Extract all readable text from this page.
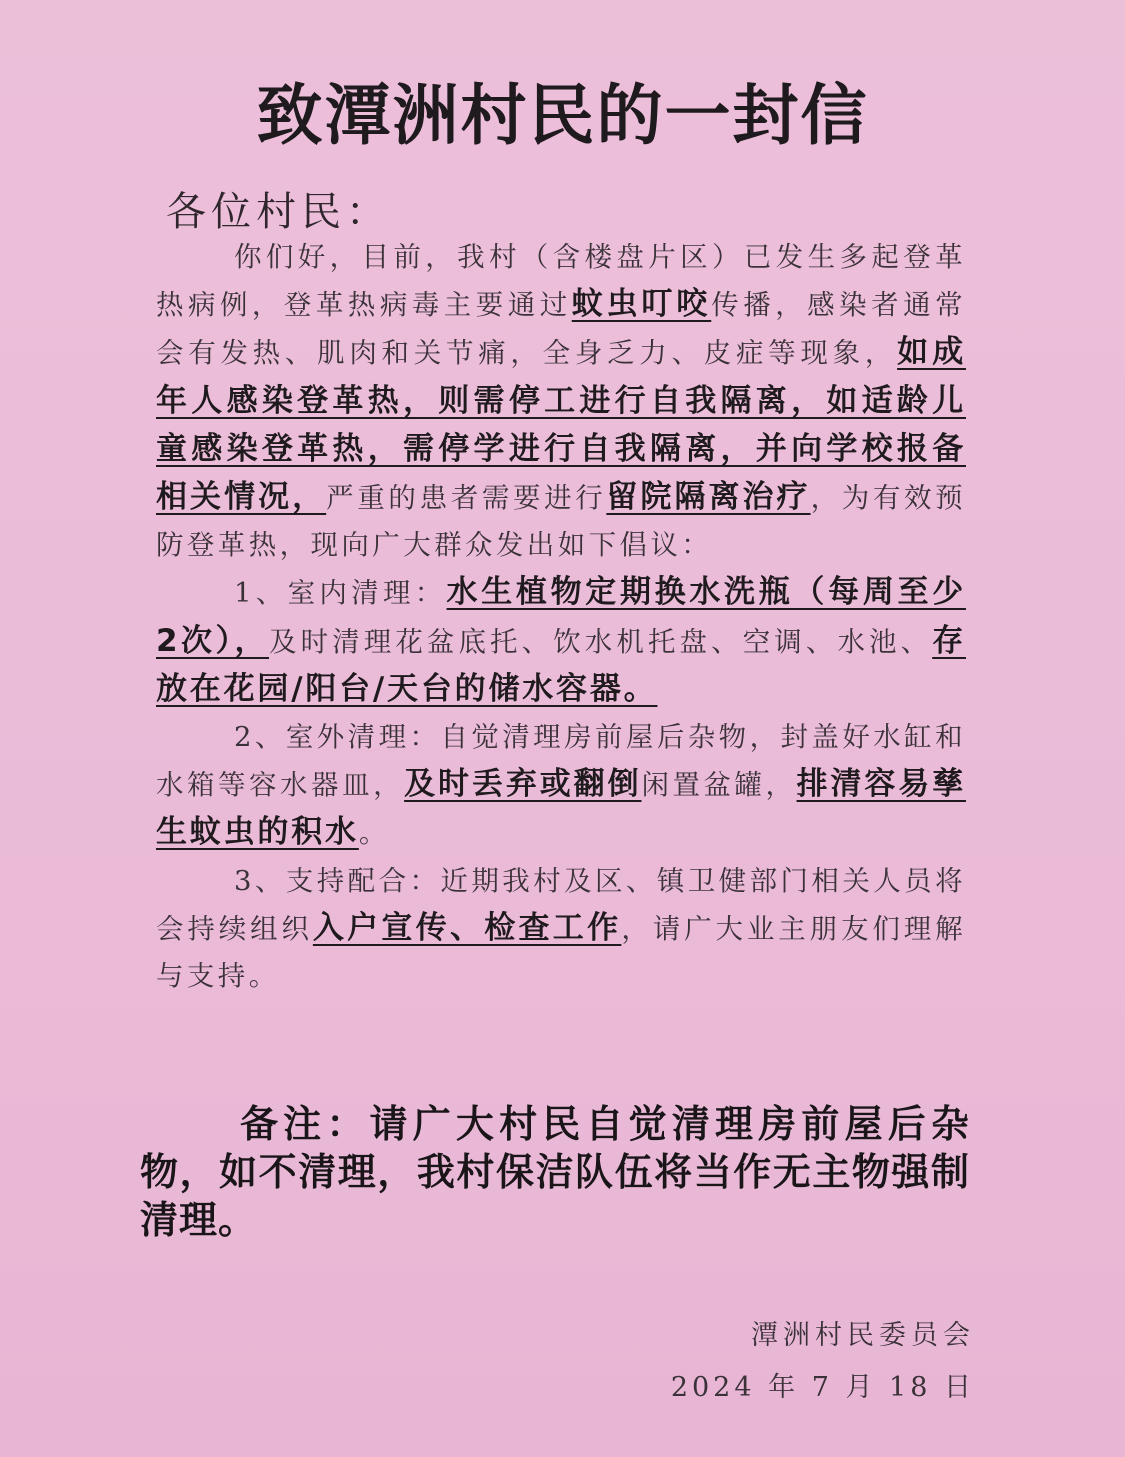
致潭洲村民的一封信
各位村民：

你们好，目前，我村（含楼盘片区）已发生多起登革热病例，登革热病毒主要通过蚊虫叮咬传播，感染者通常会有发热、肌肉和关节痛，全身乏力、皮症等现象，如成年人感染登革热，则需停工进行自我隔离，如适龄儿童感染登革热，需停学进行自我隔离，并向学校报备相关情况，严重的患者需要进行留院隔离治疗，为有效预防登革热，现向广大群众发出如下倡议：

1、室内清理：水生植物定期换水洗瓶（每周至少2次），及时清理花盆底托、饮水机托盘、空调、水池、存放在花园/阳台/天台的储水容器。

2、室外清理：自觉清理房前屋后杂物，封盖好水缸和水箱等容水器皿，及时丢弃或翻倒闲置盆罐，排清容易孳生蚊虫的积水。

3、支持配合：近期我村及区、镇卫健部门相关人员将会持续组织入户宣传、检查工作，请广大业主朋友们理解与支持。

备注：请广大村民自觉清理房前屋后杂物，如不清理，我村保洁队伍将当作无主物强制清理。
潭洲村民委员会
2024 年 7 月 18 日
